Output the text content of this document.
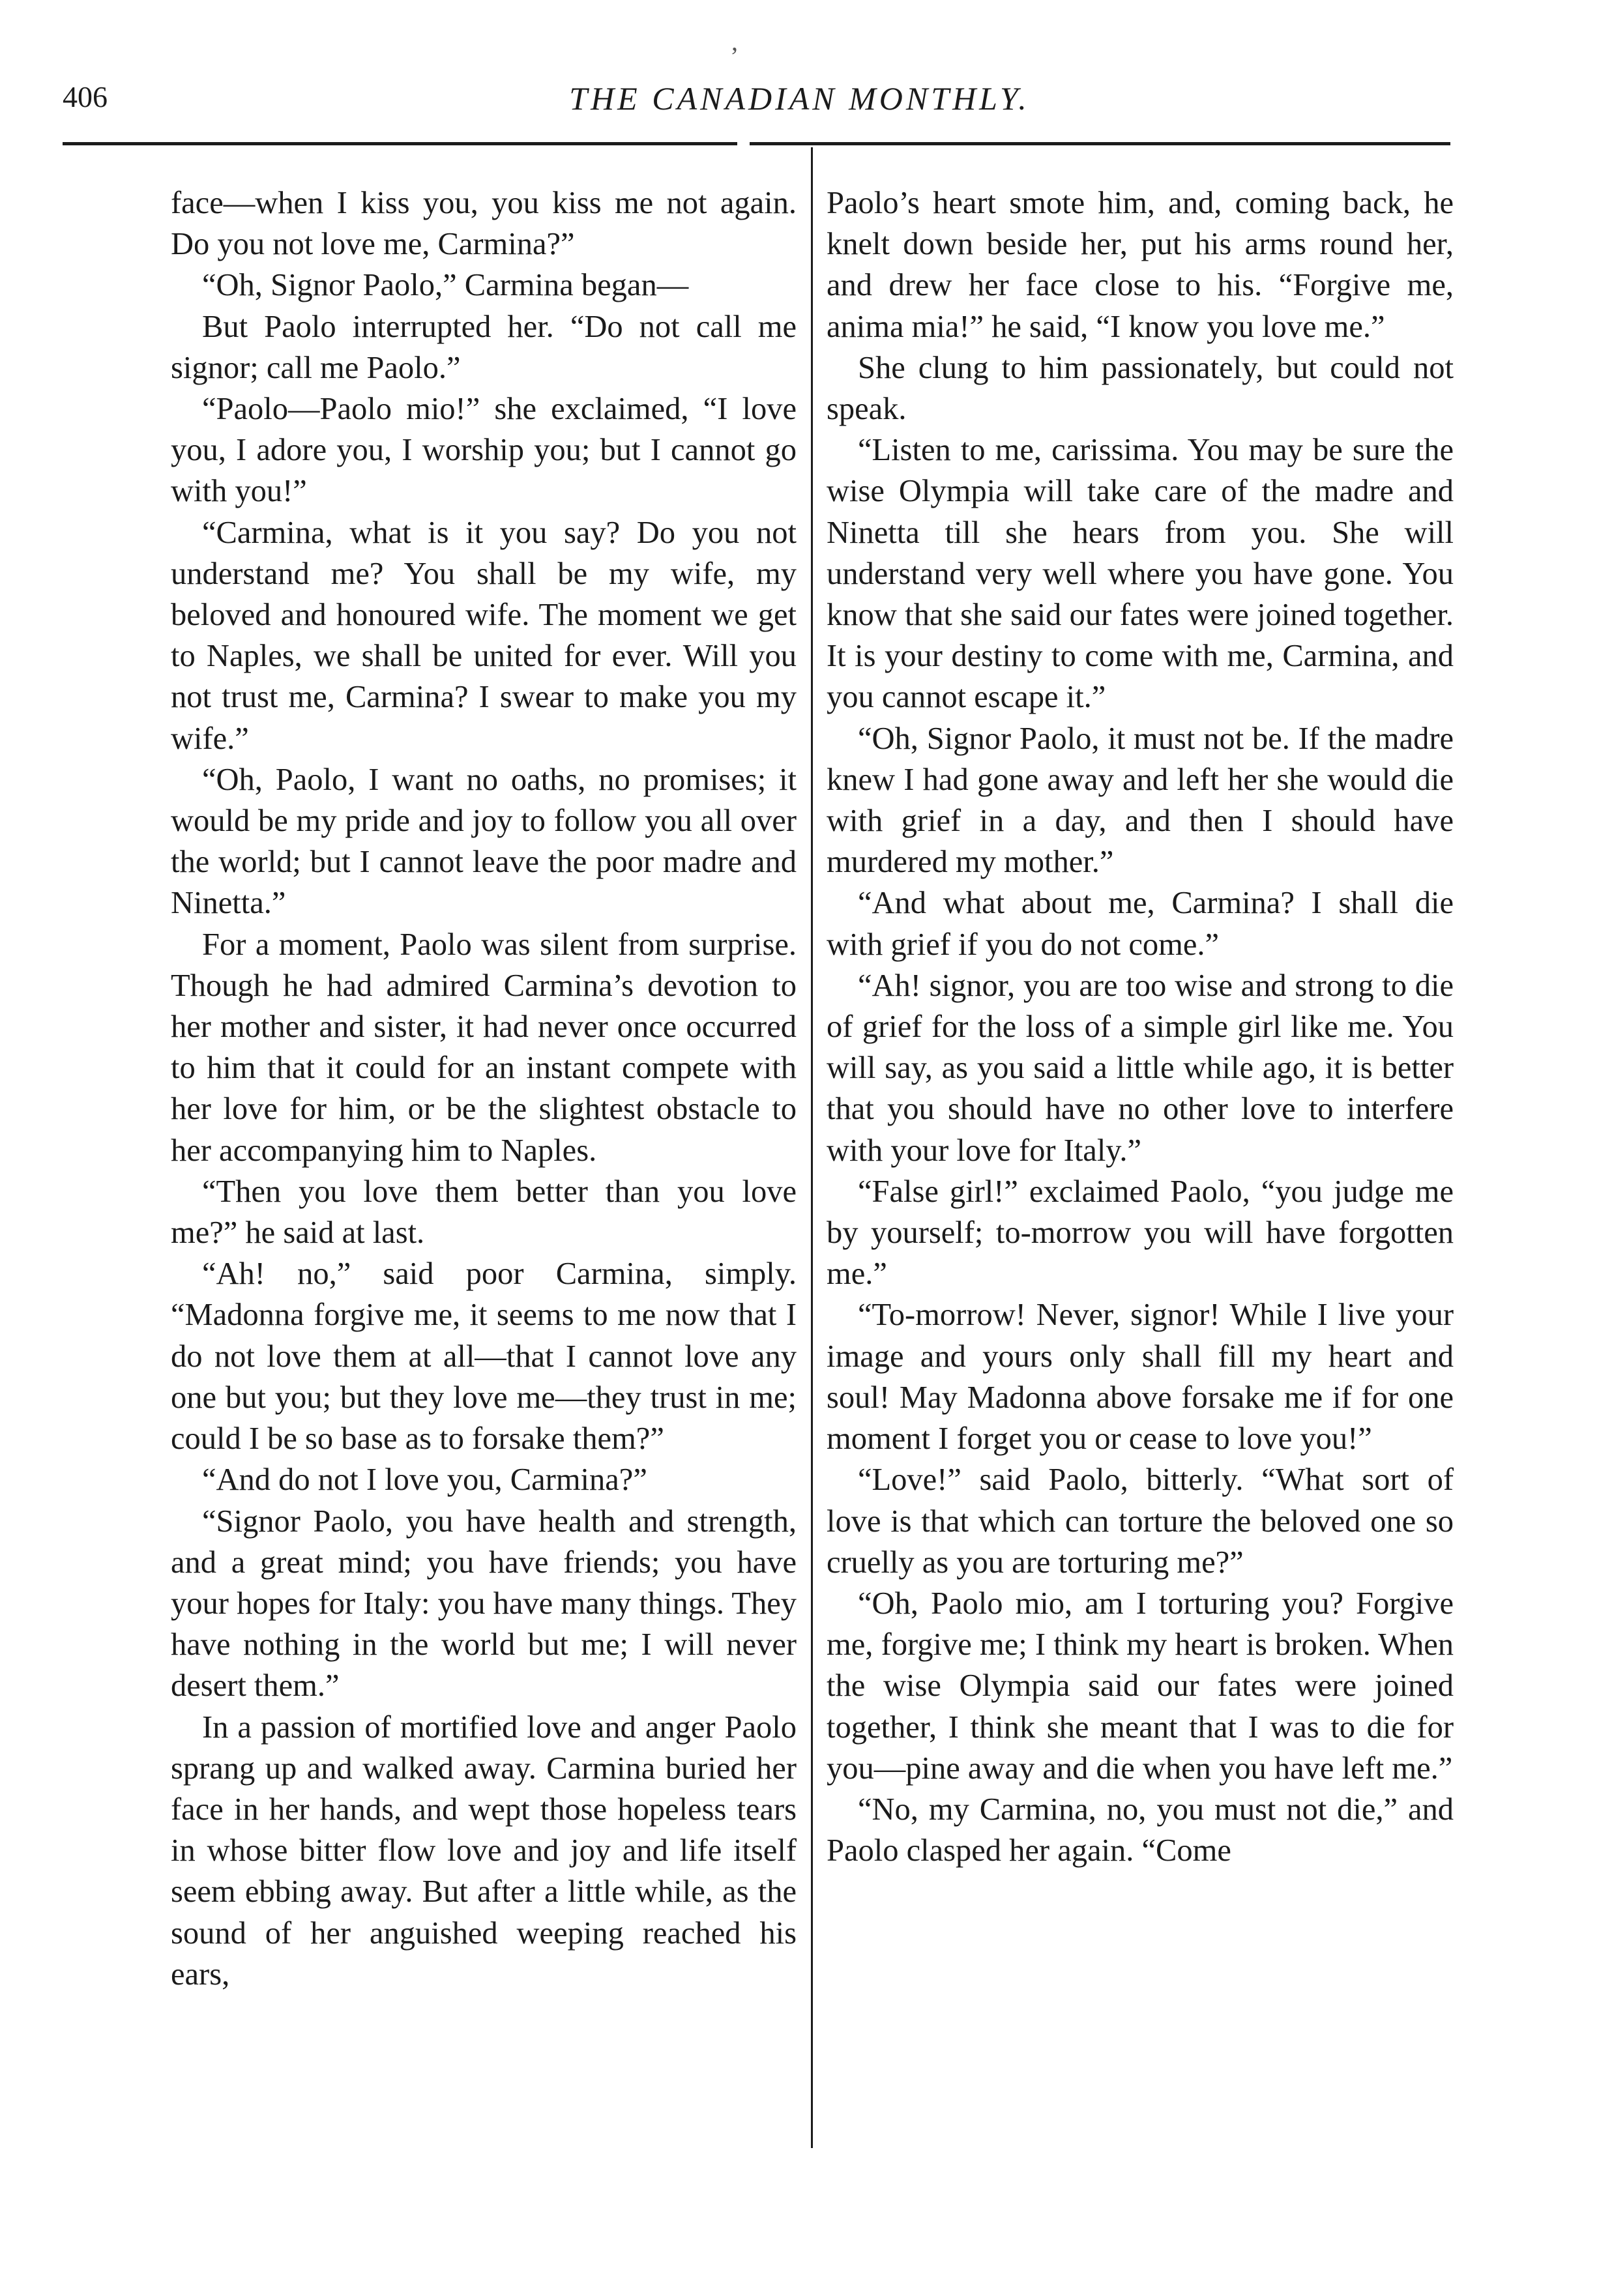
406	THE CANADIAN MONTHLY.
,

face—when I kiss you, you kiss me not again. Do you not love me, Carmina?”

“Oh, Signor Paolo,” Carmina began—

But Paolo interrupted her. “Do not call me signor; call me Paolo.”

“Paolo—Paolo mio!” she exclaimed, “I love you, I adore you, I worship you; but I cannot go with you!”

“Carmina, what is it you say? Do you not understand me? You shall be my wife, my beloved and honoured wife. The moment we get to Naples, we shall be united for ever. Will you not trust me, Carmina? I swear to make you my wife.”

“Oh, Paolo, I want no oaths, no promises; it would be my pride and joy to follow you all over the world; but I cannot leave the poor madre and Ninetta.”

For a moment, Paolo was silent from surprise. Though he had admired Carmina’s devotion to her mother and sister, it had never once occurred to him that it could for an instant compete with her love for him, or be the slightest obstacle to her accompanying him to Naples.

“Then you love them better than you love me?” he said at last.

“Ah! no,” said poor Carmina, simply. “Madonna forgive me, it seems to me now that I do not love them at all—that I cannot love any one but you; but they love me—they trust in me; could I be so base as to forsake them?”

“And do not I love you, Carmina?”

“Signor Paolo, you have health and strength, and a great mind; you have friends; you have your hopes for Italy: you have many things. They have nothing in the world but me; I will never desert them.”

In a passion of mortified love and anger Paolo sprang up and walked away. Carmina buried her face in her hands, and wept those hopeless tears in whose bitter flow love and joy and life itself seem ebbing away. But after a little while, as the sound of her anguished weeping reached his ears,

Paolo’s heart smote him, and, coming back, he knelt down beside her, put his arms round her, and drew her face close to his. “Forgive me, anima mia!” he said, “I know you love me.”

She clung to him passionately, but could not speak.

“Listen to me, carissima. You may be sure the wise Olympia will take care of the madre and Ninetta till she hears from you. She will understand very well where you have gone. You know that she said our fates were joined together. It is your destiny to come with me, Carmina, and you cannot escape it.”

“Oh, Signor Paolo, it must not be. If the madre knew I had gone away and left her she would die with grief in a day, and then I should have murdered my mother.”

“And what about me, Carmina? I shall die with grief if you do not come.”

“Ah! signor, you are too wise and strong to die of grief for the loss of a simple girl like me. You will say, as you said a little while ago, it is better that you should have no other love to interfere with your love for Italy.”

“False girl!” exclaimed Paolo, “you judge me by yourself; to-morrow you will have forgotten me.”

“To-morrow! Never, signor! While I live your image and yours only shall fill my heart and soul! May Madonna above forsake me if for one moment I forget you or cease to love you!”

“Love!” said Paolo, bitterly. “What sort of love is that which can torture the beloved one so cruelly as you are torturing me?”

“Oh, Paolo mio, am I torturing you? Forgive me, forgive me; I think my heart is broken. When the wise Olympia said our fates were joined together, I think she meant that I was to die for you—pine away and die when you have left me.”

“No, my Carmina, no, you must not die,” and Paolo clasped her again. “Come
